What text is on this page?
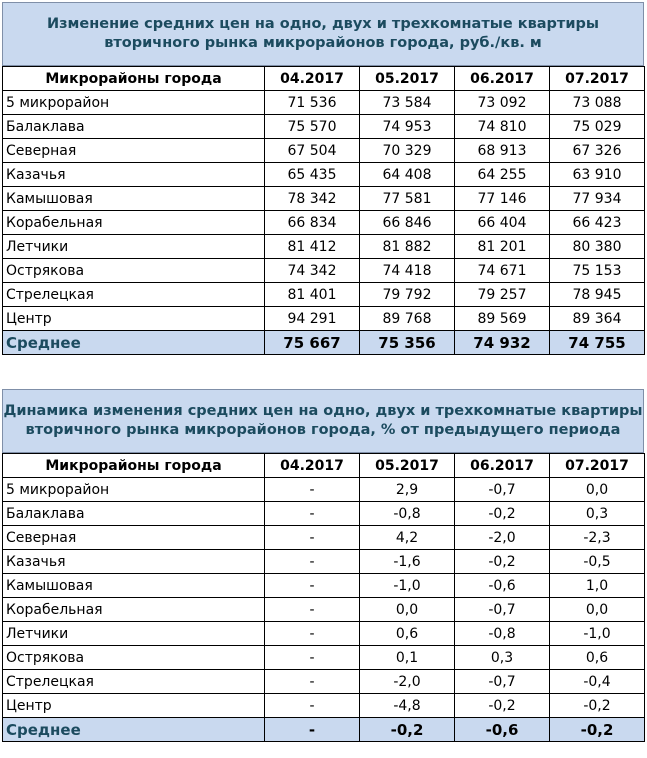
Изменение средних цен на одно, двух и трехкомнатые квартиры
вторичного рынка микрорайонов города, руб./кв. м
Микрорайоны города	04.2017	05.2017	06.2017	07.2017
5 микрорайон	71 536	73 584	73 092	73 088
Балаклава	75 570	74 953	74 810	75 029
Северная	67 504	70 329	68 913	67 326
Казачья	65 435	64 408	64 255	63 910
Камышовая	78 342	77 581	77 146	77 934
Корабельная	66 834	66 846	66 404	66 423
Летчики	81 412	81 882	81 201	80 380
Острякова	74 342	74 418	74 671	75 153
Стрелецкая	81 401	79 792	79 257	78 945
Центр	94 291	89 768	89 569	89 364
Среднее	75 667	75 356	74 932	74 755
Динамика изменения средних цен на одно, двух и трехкомнатые квартиры
вторичного рынка микрорайонов города, % от предыдущего периода
Микрорайоны города	04.2017	05.2017	06.2017	07.2017
5 микрорайон	-	2,9	-0,7	0,0
Балаклава	-	-0,8	-0,2	0,3
Северная	-	4,2	-2,0	-2,3
Казачья	-	-1,6	-0,2	-0,5
Камышовая	-	-1,0	-0,6	1,0
Корабельная	-	0,0	-0,7	0,0
Летчики	-	0,6	-0,8	-1,0
Острякова	-	0,1	0,3	0,6
Стрелецкая	-	-2,0	-0,7	-0,4
Центр	-	-4,8	-0,2	-0,2
Среднее	-	-0,2	-0,6	-0,2
